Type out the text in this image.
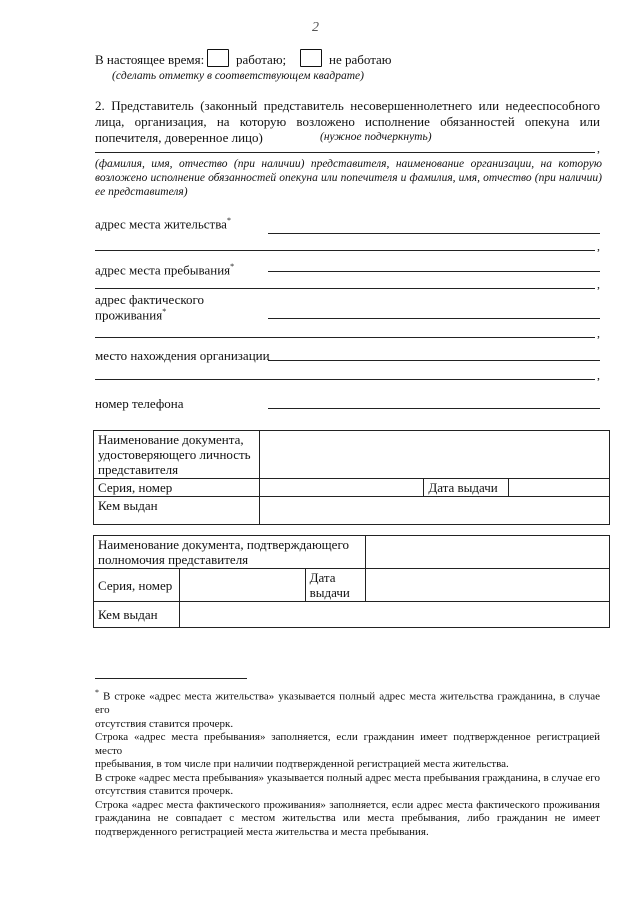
2
В настоящее время: работаю;	не работаю
(сделать отметку в соответствующем квадрате)
2. Представитель (законный представитель несовершеннолетнего или недееспособного
лица, организация, на которую возложено исполнение обязанностей опекуна или
попечителя, доверенное лицо)	(нужное подчеркнуть)
,
(фамилия, имя, отчество (при наличии) представителя, наименование организации, на которую
возложено исполнение обязанностей опекуна или попечителя и фамилия, имя, отчество (при наличии)
ее представителя)
адрес места жительства*
,
адрес места пребывания*
,
адрес фактического
проживания*
,
место нахождения организации
,
номер телефона
Наименование документа,
удостоверяющего личность
представителя			

Серия, номер		Дата выдачи	
Кем выдан			
Наименование документа, подтверждающего
полномочия представителя			

Серия, номер		Дата
выдачи	

Кем выдан			
* В строке «адрес места жительства» указывается полный адрес места жительства гражданина, в случае его
отсутствия ставится прочерк.
Строка «адрес места пребывания» заполняется, если гражданин имеет подтвержденное регистрацией место
пребывания, в том числе при наличии подтвержденной регистрацией места жительства.
В строке «адрес места пребывания» указывается полный адрес места пребывания гражданина, в случае его
отсутствия ставится прочерк.
Строка «адрес места фактического проживания» заполняется, если адрес места фактического проживания
гражданина не совпадает с местом жительства или места пребывания, либо гражданин не имеет
подтвержденного регистрацией места жительства и места пребывания.
